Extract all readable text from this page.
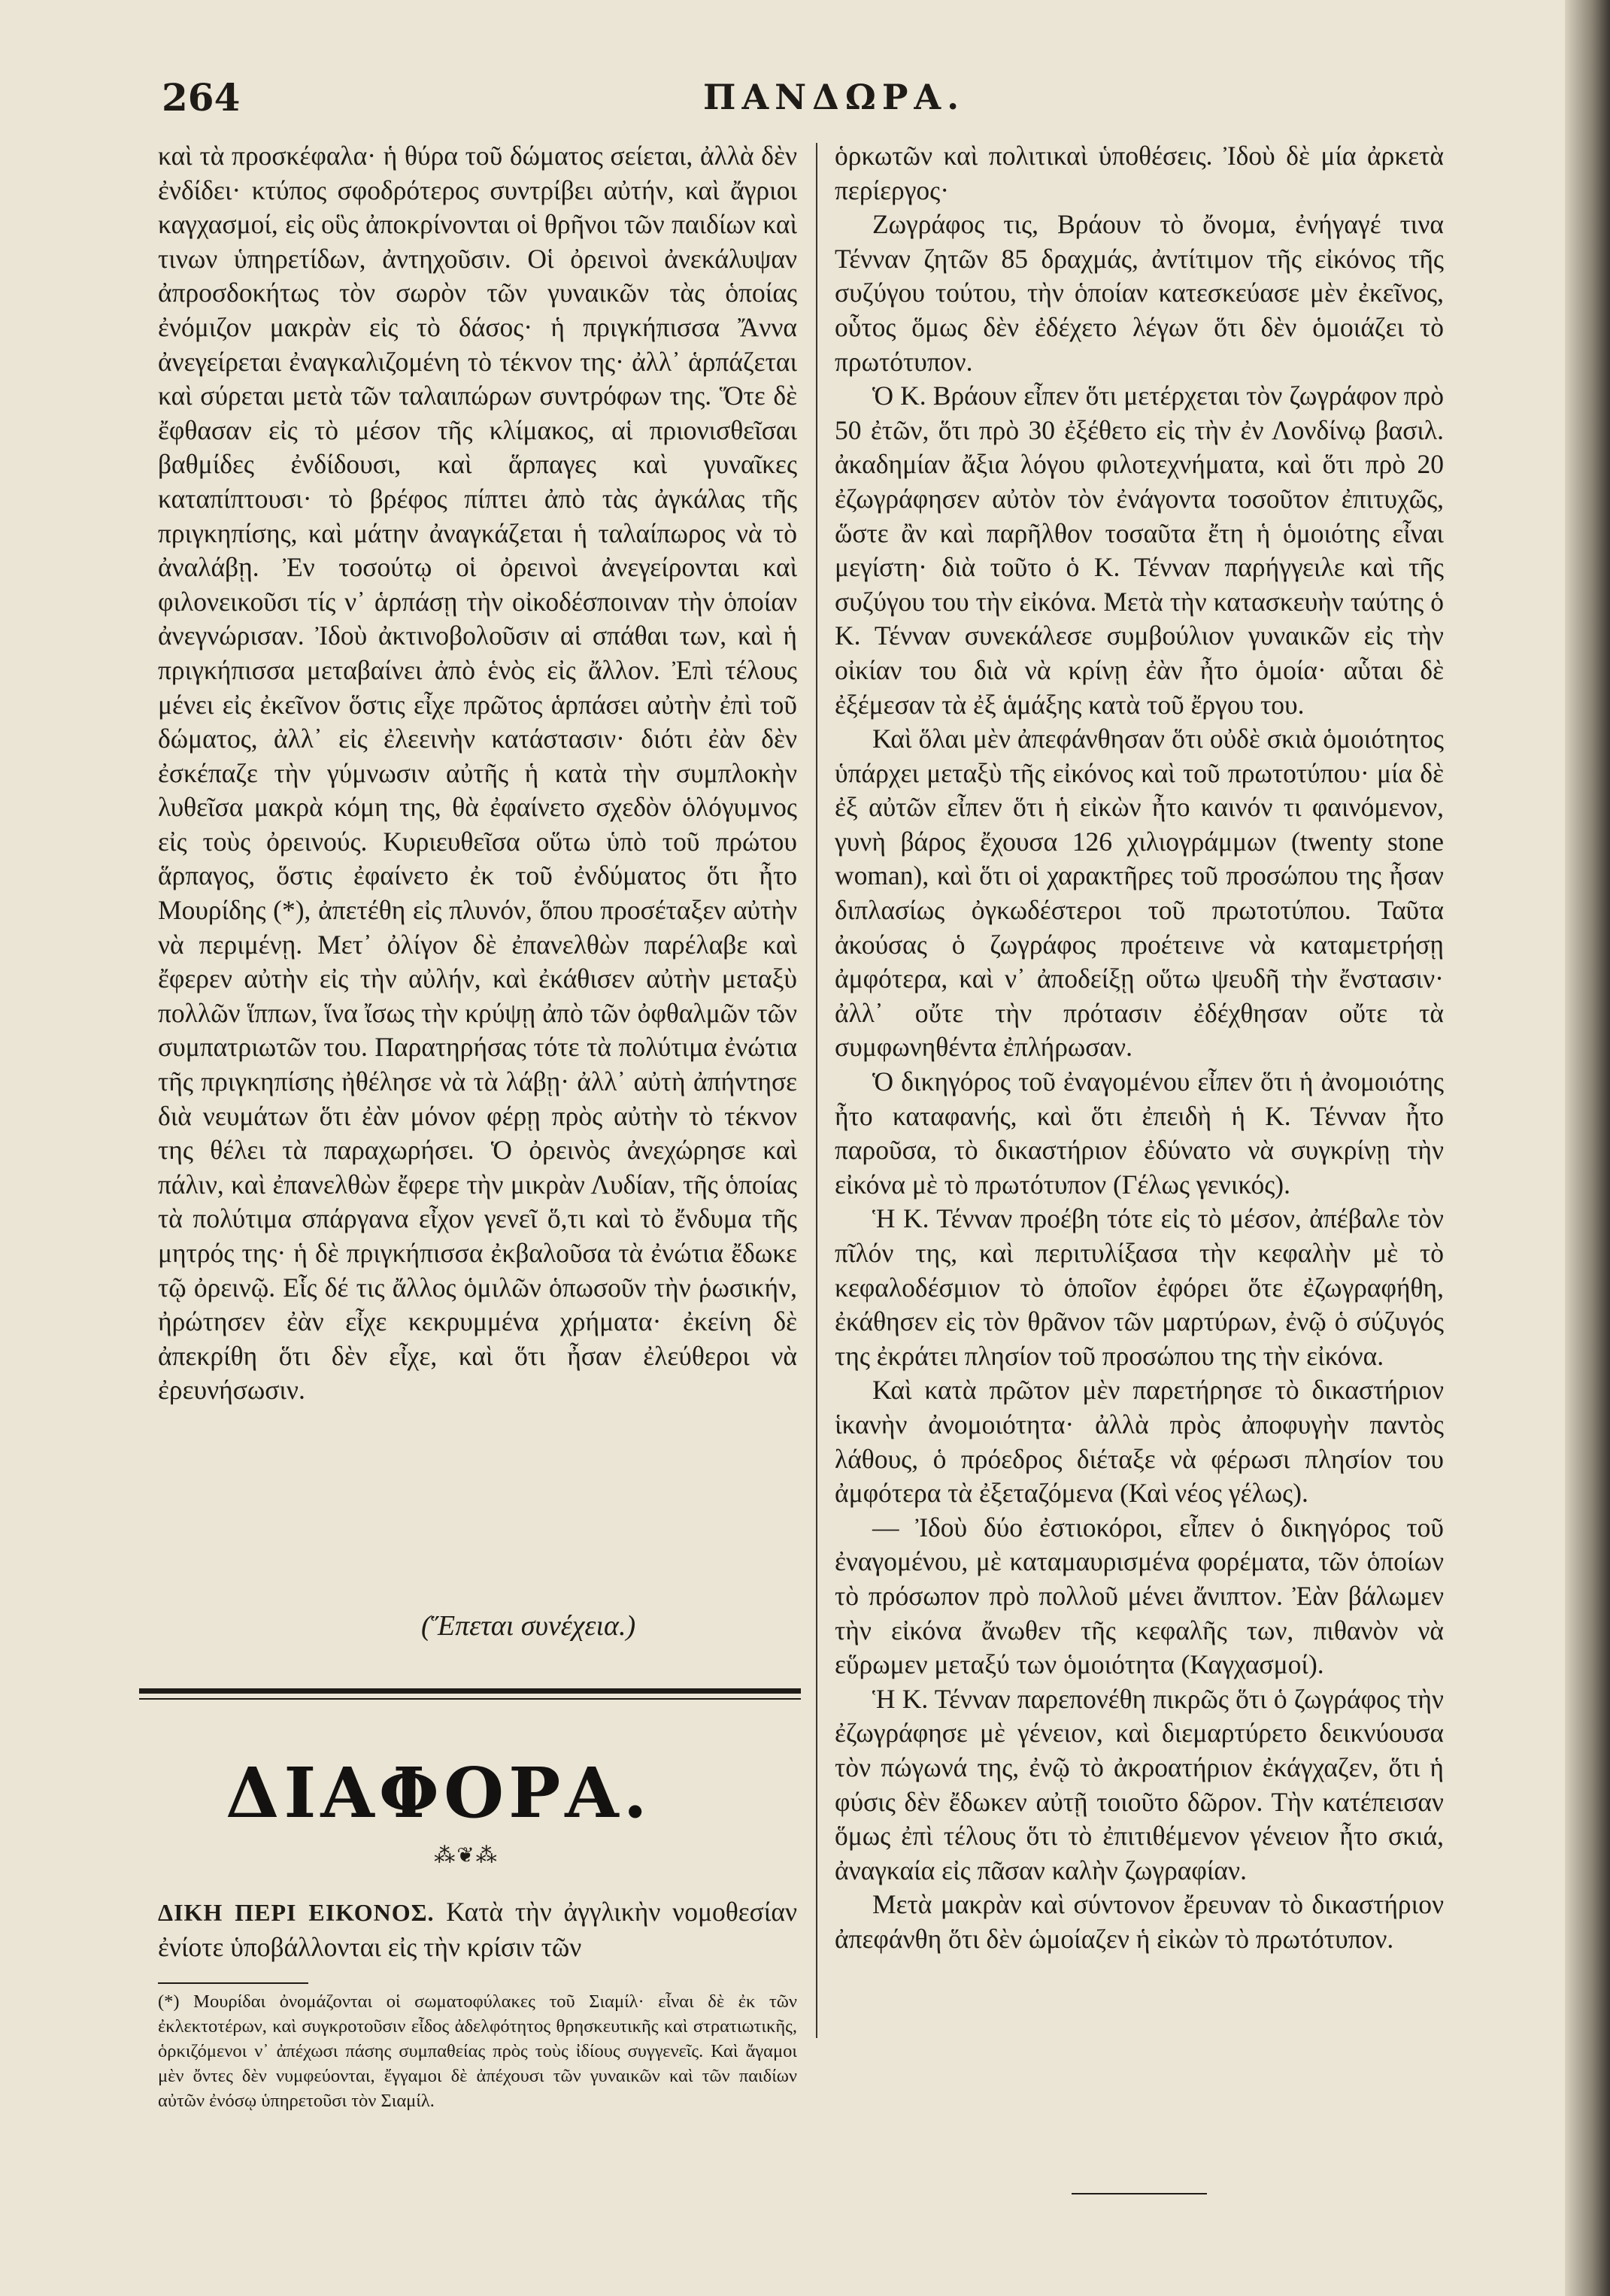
264	ΠΑΝΔΩΡΑ.

καὶ τὰ προσκέφαλα· ἡ θύρα τοῦ δώματος σείεται, ἀλλὰ δὲν ἐνδίδει· κτύπος σφοδρότερος συντρίβει αὐτήν, καὶ ἄγριοι καγχασμοί, εἰς οὓς ἀποκρίνονται οἱ θρῆνοι τῶν παιδίων καὶ τινων ὑπηρετίδων, ἀντηχοῦσιν. Οἱ ὀρεινοὶ ἀνεκάλυψαν ἀπροσδοκήτως τὸν σωρὸν τῶν γυναικῶν τὰς ὁποίας ἐνόμιζον μακρὰν εἰς τὸ δάσος· ἡ πριγκήπισσα Ἄννα ἀνεγείρεται ἐναγκαλιζομένη τὸ τέκνον της· ἀλλ᾽ ἁρπάζεται καὶ σύρεται μετὰ τῶν ταλαιπώρων συντρόφων της. Ὅτε δὲ ἔφθασαν εἰς τὸ μέσον τῆς κλίμακος, αἱ πριονισθεῖσαι βαθμίδες ἐνδίδουσι, καὶ ἅρπαγες καὶ γυναῖκες καταπίπτουσι· τὸ βρέφος πίπτει ἀπὸ τὰς ἀγκάλας τῆς πριγκηπίσης, καὶ μάτην ἀναγκάζεται ἡ ταλαίπωρος νὰ τὸ ἀναλάβῃ. Ἐν τοσούτῳ οἱ ὀρεινοὶ ἀνεγείρονται καὶ φιλονεικοῦσι τίς ν᾽ ἁρπάσῃ τὴν οἰκοδέσποιναν τὴν ὁποίαν ἀνεγνώρισαν. Ἰδοὺ ἀκτινοβολοῦσιν αἱ σπάθαι των, καὶ ἡ πριγκήπισσα μεταβαίνει ἀπὸ ἑνὸς εἰς ἄλλον. Ἐπὶ τέλους μένει εἰς ἐκεῖνον ὅστις εἶχε πρῶτος ἁρπάσει αὐτὴν ἐπὶ τοῦ δώματος, ἀλλ᾽ εἰς ἐλεεινὴν κατάστασιν· διότι ἐὰν δὲν ἐσκέπαζε τὴν γύμνωσιν αὐτῆς ἡ κατὰ τὴν συμπλοκὴν λυθεῖσα μακρὰ κόμη της, θὰ ἐφαίνετο σχεδὸν ὁλόγυμνος εἰς τοὺς ὀρεινούς. Κυριευθεῖσα οὕτω ὑπὸ τοῦ πρώτου ἅρπαγος, ὅστις ἐφαίνετο ἐκ τοῦ ἐνδύματος ὅτι ἦτο Μουρίδης (*), ἀπετέθη εἰς πλυνόν, ὅπου προσέταξεν αὐτὴν νὰ περιμένῃ. Μετ᾽ ὀλίγον δὲ ἐπανελθὼν παρέλαβε καὶ ἔφερεν αὐτὴν εἰς τὴν αὐλήν, καὶ ἐκάθισεν αὐτὴν μεταξὺ πολλῶν ἵππων, ἵνα ἴσως τὴν κρύψῃ ἀπὸ τῶν ὀφθαλμῶν τῶν συμπατριωτῶν του. Παρατηρήσας τότε τὰ πολύτιμα ἐνώτια τῆς πριγκηπίσης ἠθέλησε νὰ τὰ λάβῃ· ἀλλ᾽ αὐτὴ ἀπήντησε διὰ νευμάτων ὅτι ἐὰν μόνον φέρῃ πρὸς αὐτὴν τὸ τέκνον της θέλει τὰ παραχωρήσει. Ὁ ὀρεινὸς ἀνεχώρησε καὶ πάλιν, καὶ ἐπανελθὼν ἔφερε τὴν μικρὰν Λυδίαν, τῆς ὁποίας τὰ πολύτιμα σπάργανα εἶχον γενεῖ ὅ,τι καὶ τὸ ἔνδυμα τῆς μητρός της· ἡ δὲ πριγκήπισσα ἐκβαλοῦσα τὰ ἐνώτια ἔδωκε τῷ ὀρεινῷ. Εἷς δέ τις ἄλλος ὁμιλῶν ὁπωσοῦν τὴν ῥωσικήν, ἠρώτησεν ἐὰν εἶχε κεκρυμμένα χρήματα· ἐκείνη δὲ ἀπεκρίθη ὅτι δὲν εἶχε, καὶ ὅτι ἦσαν ἐλεύθεροι νὰ ἐρευνήσωσιν.

(Ἕπεται συνέχεια.)
ΔΙΑΦΟΡΑ.
⁂❦⁂
ΔΙΚΗ ΠΕΡΙ ΕΙΚΟΝΟΣ. Κατὰ τὴν ἀγγλικὴν νομοθεσίαν ἐνίοτε ὑποβάλλονται εἰς τὴν κρίσιν τῶν
(*) Μουρίδαι ὀνομάζονται οἱ σωματοφύλακες τοῦ Σιαμίλ· εἶναι δὲ ἐκ τῶν ἐκλεκτοτέρων, καὶ συγκροτοῦσιν εἶδος ἀδελφότητος θρησκευτικῆς καὶ στρατιωτικῆς, ὁρκιζόμενοι ν᾽ ἀπέχωσι πάσης συμπαθείας πρὸς τοὺς ἰδίους συγγενεῖς. Καὶ ἄγαμοι μὲν ὄντες δὲν νυμφεύονται, ἔγγαμοι δὲ ἀπέχουσι τῶν γυναικῶν καὶ τῶν παιδίων αὐτῶν ἐνόσῳ ὑπηρετοῦσι τὸν Σιαμίλ.

ὁρκωτῶν καὶ πολιτικαὶ ὑποθέσεις. Ἰδοὺ δὲ μία ἀρκετὰ περίεργος·

Ζωγράφος τις, Βράουν τὸ ὄνομα, ἐνήγαγέ τινα Τένναν ζητῶν 85 δραχμάς, ἀντίτιμον τῆς εἰκόνος τῆς συζύγου τούτου, τὴν ὁποίαν κατεσκεύασε μὲν ἐκεῖνος, οὗτος ὅμως δὲν ἐδέχετο λέγων ὅτι δὲν ὁμοιάζει τὸ πρωτότυπον.

Ὁ Κ. Βράουν εἶπεν ὅτι μετέρχεται τὸν ζωγράφον πρὸ 50 ἐτῶν, ὅτι πρὸ 30 ἐξέθετο εἰς τὴν ἐν Λονδίνῳ βασιλ. ἀκαδημίαν ἄξια λόγου φιλοτεχνήματα, καὶ ὅτι πρὸ 20 ἐζωγράφησεν αὐτὸν τὸν ἐνάγοντα τοσοῦτον ἐπιτυχῶς, ὥστε ἂν καὶ παρῆλθον τοσαῦτα ἔτη ἡ ὁμοιότης εἶναι μεγίστη· διὰ τοῦτο ὁ Κ. Τένναν παρήγγειλε καὶ τῆς συζύγου του τὴν εἰκόνα. Μετὰ τὴν κατασκευὴν ταύτης ὁ Κ. Τένναν συνεκάλεσε συμβούλιον γυναικῶν εἰς τὴν οἰκίαν του διὰ νὰ κρίνῃ ἐὰν ἦτο ὁμοία· αὗται δὲ ἐξέμεσαν τὰ ἐξ ἁμάξης κατὰ τοῦ ἔργου του.

Καὶ ὅλαι μὲν ἀπεφάνθησαν ὅτι οὐδὲ σκιὰ ὁμοιότητος ὑπάρχει μεταξὺ τῆς εἰκόνος καὶ τοῦ πρωτοτύπου· μία δὲ ἐξ αὐτῶν εἶπεν ὅτι ἡ εἰκὼν ἦτο καινόν τι φαινόμενον, γυνὴ βάρος ἔχουσα 126 χιλιογράμμων (twenty stone woman), καὶ ὅτι οἱ χαρακτῆρες τοῦ προσώπου της ἦσαν διπλασίως ὀγκωδέστεροι τοῦ πρωτοτύπου. Ταῦτα ἀκούσας ὁ ζωγράφος προέτεινε νὰ καταμετρήσῃ ἀμφότερα, καὶ ν᾽ ἀποδείξῃ οὕτω ψευδῆ τὴν ἔνστασιν· ἀλλ᾽ οὔτε τὴν πρότασιν ἐδέχθησαν οὔτε τὰ συμφωνηθέντα ἐπλήρωσαν.

Ὁ δικηγόρος τοῦ ἐναγομένου εἶπεν ὅτι ἡ ἀνομοιότης ἦτο καταφανής, καὶ ὅτι ἐπειδὴ ἡ Κ. Τένναν ἦτο παροῦσα, τὸ δικαστήριον ἐδύνατο νὰ συγκρίνῃ τὴν εἰκόνα μὲ τὸ πρωτότυπον (Γέλως γενικός).

Ἡ Κ. Τένναν προέβη τότε εἰς τὸ μέσον, ἀπέβαλε τὸν πῖλόν της, καὶ περιτυλίξασα τὴν κεφαλὴν μὲ τὸ κεφαλοδέσμιον τὸ ὁποῖον ἐφόρει ὅτε ἐζωγραφήθη, ἐκάθησεν εἰς τὸν θρᾶνον τῶν μαρτύρων, ἐνῷ ὁ σύζυγός της ἐκράτει πλησίον τοῦ προσώπου της τὴν εἰκόνα.

Καὶ κατὰ πρῶτον μὲν παρετήρησε τὸ δικαστήριον ἱκανὴν ἀνομοιότητα· ἀλλὰ πρὸς ἀποφυγὴν παντὸς λάθους, ὁ πρόεδρος διέταξε νὰ φέρωσι πλησίον του ἀμφότερα τὰ ἐξεταζόμενα (Καὶ νέος γέλως).

— Ἰδοὺ δύο ἐστιοκόροι, εἶπεν ὁ δικηγόρος τοῦ ἐναγομένου, μὲ καταμαυρισμένα φορέματα, τῶν ὁποίων τὸ πρόσωπον πρὸ πολλοῦ μένει ἄνιπτον. Ἐὰν βάλωμεν τὴν εἰκόνα ἄνωθεν τῆς κεφαλῆς των, πιθανὸν νὰ εὕρωμεν μεταξύ των ὁμοιότητα (Καγχασμοί).

Ἡ Κ. Τένναν παρεπονέθη πικρῶς ὅτι ὁ ζωγράφος τὴν ἐζωγράφησε μὲ γένειον, καὶ διεμαρτύρετο δεικνύουσα τὸν πώγωνά της, ἐνῷ τὸ ἀκροατήριον ἐκάγχαζεν, ὅτι ἡ φύσις δὲν ἔδωκεν αὐτῇ τοιοῦτο δῶρον. Τὴν κατέπεισαν ὅμως ἐπὶ τέλους ὅτι τὸ ἐπιτιθέμενον γένειον ἦτο σκιά, ἀναγκαία εἰς πᾶσαν καλὴν ζωγραφίαν.

Μετὰ μακρὰν καὶ σύντονον ἔρευναν τὸ δικαστήριον ἀπεφάνθη ὅτι δὲν ὡμοίαζεν ἡ εἰκὼν τὸ πρωτότυπον.
